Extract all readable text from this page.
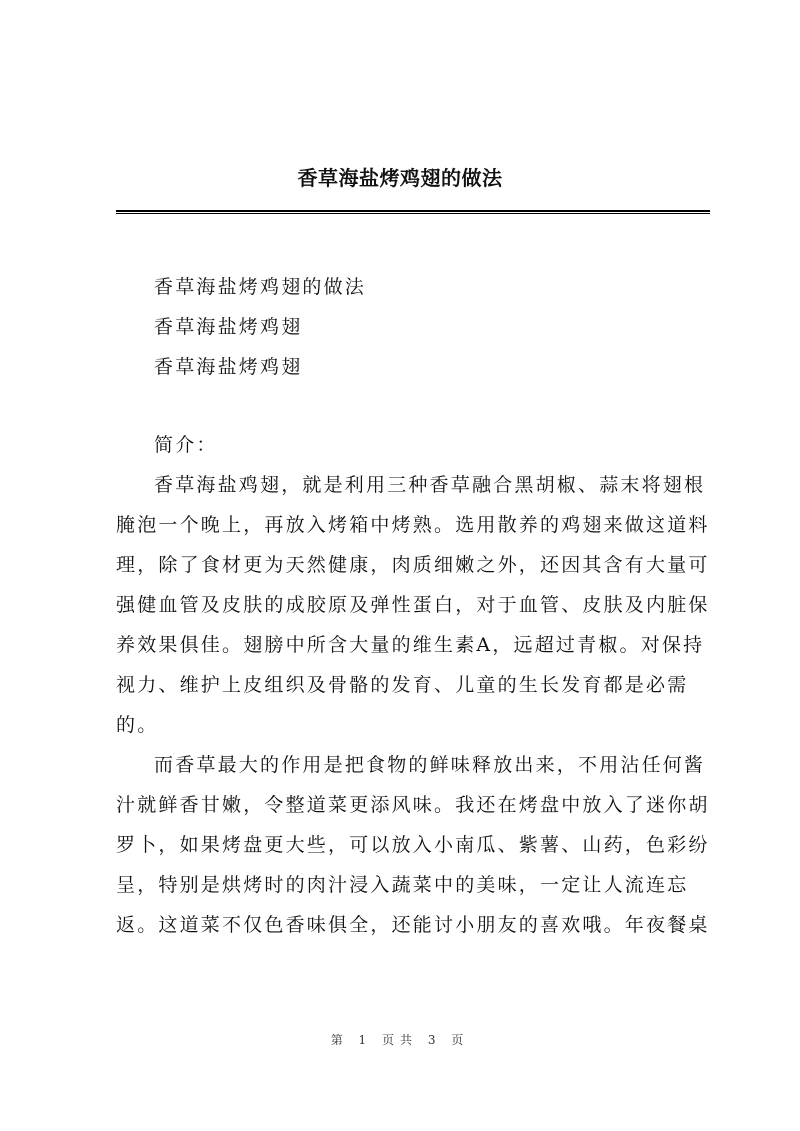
香草海盐烤鸡翅的做法

香草海盐烤鸡翅的做法

香草海盐烤鸡翅

香草海盐烤鸡翅

简介：

香草海盐鸡翅，就是利用三种香草融合黑胡椒、蒜末将翅根腌泡一个晚上，再放入烤箱中烤熟。选用散养的鸡翅来做这道料理，除了食材更为天然健康，肉质细嫩之外，还因其含有大量可强健血管及皮肤的成胶原及弹性蛋白，对于血管、皮肤及内脏保养效果俱佳。翅膀中所含大量的维生素A，远超过青椒。对保持视力、维护上皮组织及骨骼的发育、儿童的生长发育都是必需的。

而香草最大的作用是把食物的鲜味释放出来，不用沾任何酱汁就鲜香甘嫩，令整道菜更添风味。我还在烤盘中放入了迷你胡罗卜，如果烤盘更大些，可以放入小南瓜、紫薯、山药，色彩纷呈，特别是烘烤时的肉汁浸入蔬菜中的美味，一定让人流连忘返。这道菜不仅色香味俱全，还能讨小朋友的喜欢哦。年夜餐桌

第 1 页共 3 页
